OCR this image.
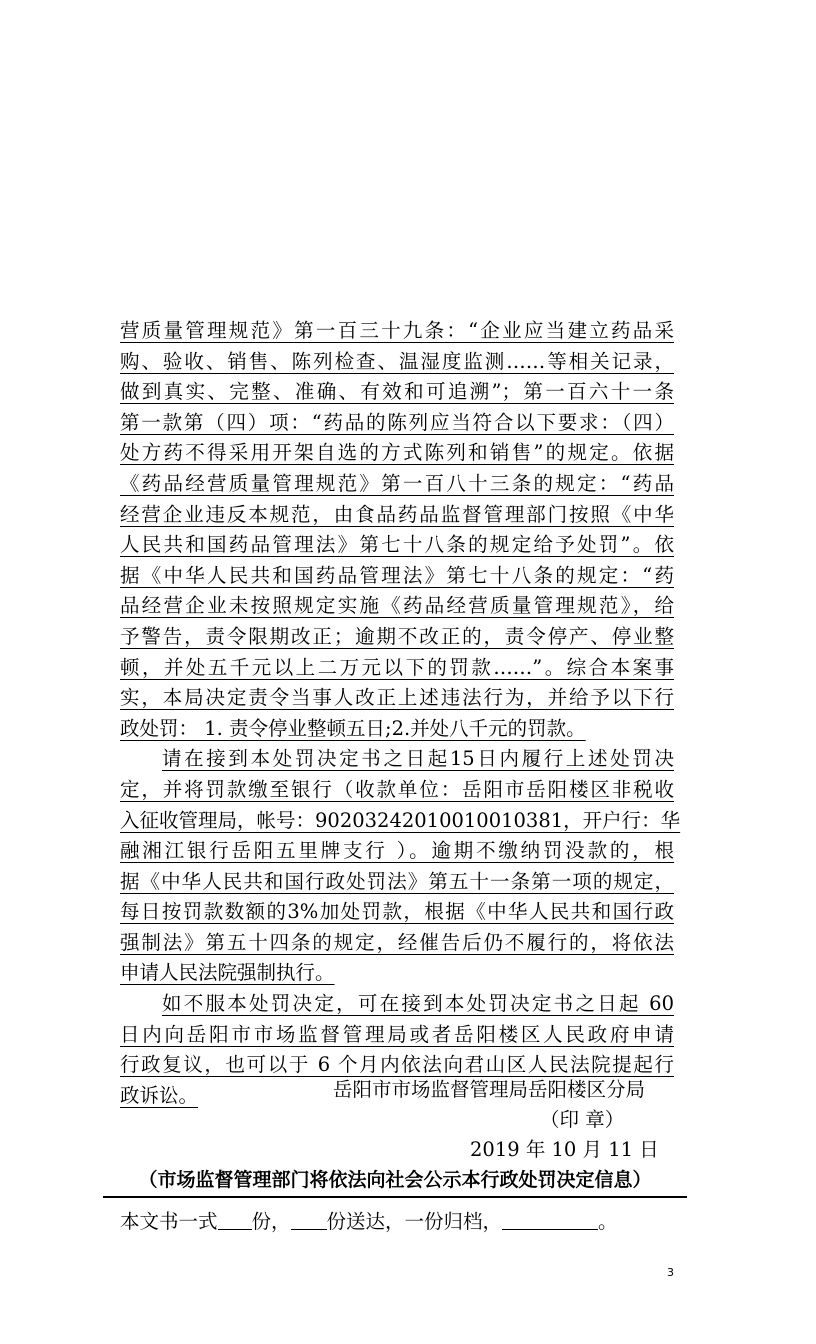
营质量管理规范》第一百三十九条：“企业应当建立药品采
购、验收、销售、陈列检查、温湿度监测……等相关记录，
做到真实、完整、准确、有效和可追溯”；第一百六十一条
第一款第（四）项：“药品的陈列应当符合以下要求：（四）
处方药不得采用开架自选的方式陈列和销售”的规定。依据
《药品经营质量管理规范》第一百八十三条的规定：“药品
经营企业违反本规范，由食品药品监督管理部门按照《中华
人民共和国药品管理法》第七十八条的规定给予处罚”。依
据《中华人民共和国药品管理法》第七十八条的规定：“药
品经营企业未按照规定实施《药品经营质量管理规范》，给
予警告，责令限期改正；逾期不改正的，责令停产、停业整
顿，并处五千元以上二万元以下的罚款……”。综合本案事
实，本局决定责令当事人改正上述违法行为，并给予以下行
政处罚： 1. 责令停业整顿五日;2.并处八千元的罚款。
请在接到本处罚决定书之日起15日内履行上述处罚决
定，并将罚款缴至银行（收款单位：岳阳市岳阳楼区非税收
入征收管理局，帐号：90203242010010010381，开户行：华
融湘江银行岳阳五里牌支行 ）。逾期不缴纳罚没款的，根
据《中华人民共和国行政处罚法》第五十一条第一项的规定，
每日按罚款数额的3%加处罚款，根据《中华人民共和国行政
强制法》第五十四条的规定，经催告后仍不履行的，将依法
申请人民法院强制执行。
如不服本处罚决定，可在接到本处罚决定书之日起 60
日内向岳阳市市场监督管理局或者岳阳楼区人民政府申请
行政复议，也可以于 6 个月内依法向君山区人民法院提起行
政诉讼。	岳阳市市场监督管理局岳阳楼区分局
（印 章）
2019 年 10 月 11 日
（市场监督管理部门将依法向社会公示本行政处罚决定信息）
本文书一式 份， 份送达，一份归档，	。
3
